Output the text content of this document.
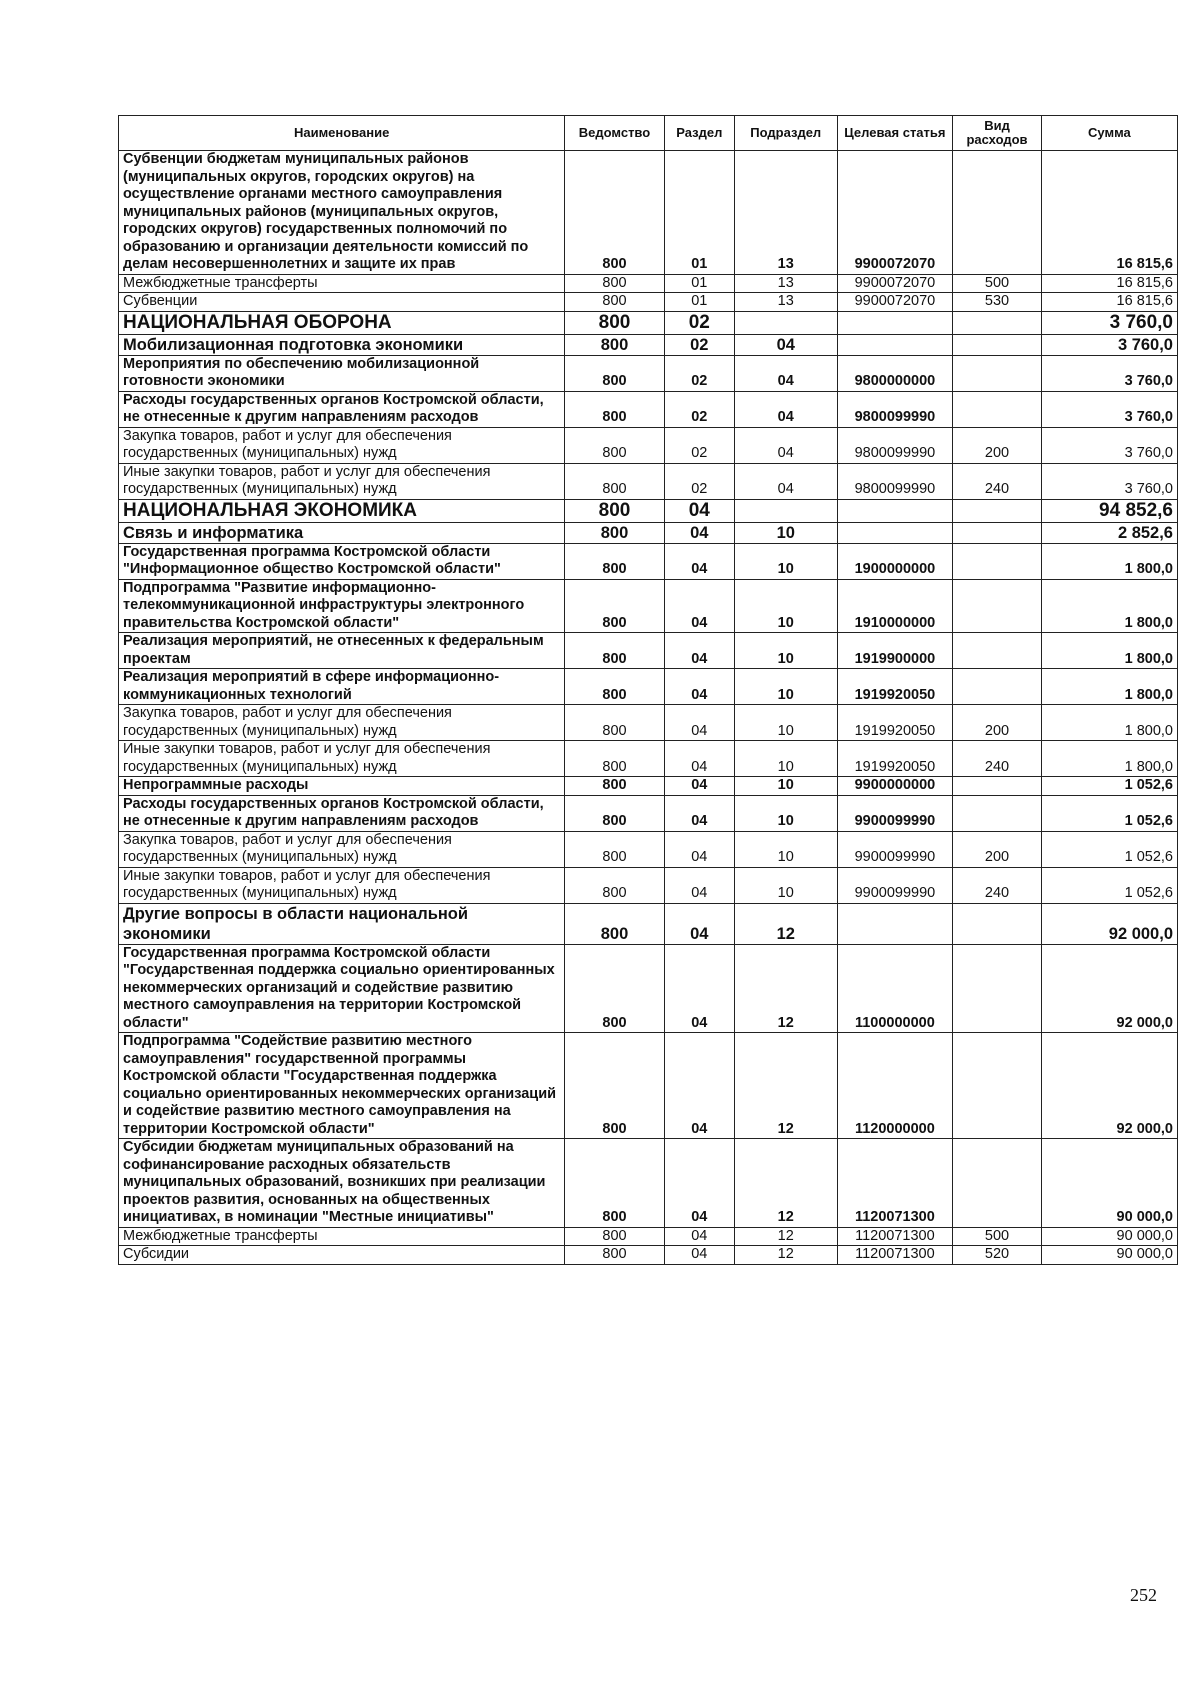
Наименование	Ведомство	Раздел	Подраздел	Целевая статья	Вид расходов	Сумма
Субвенции бюджетам муниципальных районов (муниципальных округов, городских округов) на осуществление органами местного самоуправления муниципальных районов (муниципальных округов, городских округов) государственных полномочий по образованию и организации деятельности комиссий по делам несовершеннолетних и защите их прав	800	01	13	9900072070		16 815,6
Межбюджетные трансферты	800	01	13	9900072070	500	16 815,6
Субвенции	800	01	13	9900072070	530	16 815,6
НАЦИОНАЛЬНАЯ ОБОРОНА	800	02				3 760,0
Мобилизационная подготовка экономики	800	02	04			3 760,0
Мероприятия по обеспечению мобилизационной готовности экономики	800	02	04	9800000000		3 760,0
Расходы государственных органов Костромской области, не отнесенные к другим направлениям расходов	800	02	04	9800099990		3 760,0
Закупка товаров, работ и услуг для обеспечения государственных (муниципальных) нужд	800	02	04	9800099990	200	3 760,0
Иные закупки товаров, работ и услуг для обеспечения государственных (муниципальных) нужд	800	02	04	9800099990	240	3 760,0
НАЦИОНАЛЬНАЯ ЭКОНОМИКА	800	04				94 852,6
Связь и информатика	800	04	10			2 852,6
Государственная программа Костромской области "Информационное общество Костромской области"	800	04	10	1900000000		1 800,0
Подпрограмма "Развитие информационно-телекоммуникационной инфраструктуры электронного правительства Костромской области"	800	04	10	1910000000		1 800,0
Реализация мероприятий, не отнесенных к федеральным проектам	800	04	10	1919900000		1 800,0
Реализация мероприятий в сфере информационно-коммуникационных технологий	800	04	10	1919920050		1 800,0
Закупка товаров, работ и услуг для обеспечения государственных (муниципальных) нужд	800	04	10	1919920050	200	1 800,0
Иные закупки товаров, работ и услуг для обеспечения государственных (муниципальных) нужд	800	04	10	1919920050	240	1 800,0
Непрограммные расходы	800	04	10	9900000000		1 052,6
Расходы государственных органов Костромской области, не отнесенные к другим направлениям расходов	800	04	10	9900099990		1 052,6
Закупка товаров, работ и услуг для обеспечения государственных (муниципальных) нужд	800	04	10	9900099990	200	1 052,6
Иные закупки товаров, работ и услуг для обеспечения государственных (муниципальных) нужд	800	04	10	9900099990	240	1 052,6
Другие вопросы в области национальной экономики	800	04	12			92 000,0
Государственная программа Костромской области "Государственная поддержка социально ориентированных некоммерческих организаций и содействие развитию местного самоуправления на территории Костромской области"	800	04	12	1100000000		92 000,0
Подпрограмма "Содействие развитию местного самоуправления" государственной программы Костромской области "Государственная поддержка социально ориентированных некоммерческих организаций и содействие развитию местного самоуправления на территории Костромской области"	800	04	12	1120000000		92 000,0
Субсидии бюджетам муниципальных образований на софинансирование расходных обязательств муниципальных образований, возникших при реализации проектов развития, основанных на общественных инициативах, в номинации "Местные инициативы"	800	04	12	1120071300		90 000,0
Межбюджетные трансферты	800	04	12	1120071300	500	90 000,0
Субсидии	800	04	12	1120071300	520	90 000,0
252
